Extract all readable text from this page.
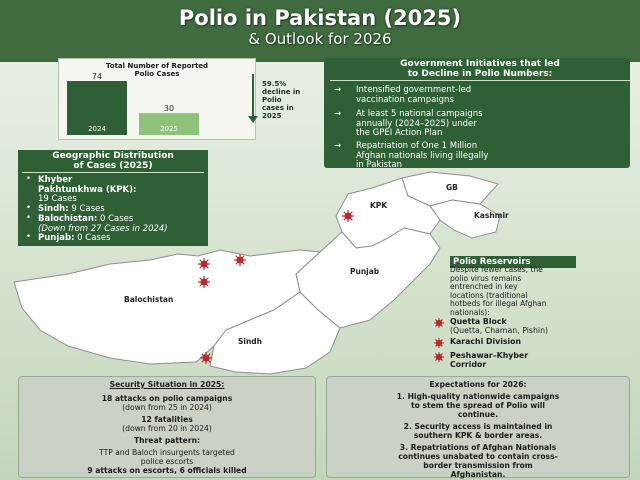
Polio in Pakistan (2025)
& Outlook for 2026
Total Number of Reported
Polio Cases
74
2024
30
2025
59.5%
decline in
Polio
cases in
2025
Government Initiatives that led
to Decline in Polio Numbers:
→ Intensified government-led
vaccination campaigns
→ At least 5 national campaigns
annually (2024–2025) under
the GPEI Action Plan
→ Repatriation of One 1 Million
Afghan nationals living illegally
in Pakistan
GB
KPK
Kashmir
Punjab
Balochistan
Sindh
Geographic Distribution
of Cases (2025)
• Khyber
Pakhtunkhwa (KPK):
19 Cases
• Sindh: 9 Cases
• Balochistan: 0 Cases
(Down from 27 Cases in 2024)
• Punjab: 0 Cases
Polio Reservoirs
Despite fewer cases, the
polio virus remains
entrenched in key
locations (traditional
hotbeds for illegal Afghan
nationals):
Quetta Block
(Quetta, Chaman, Pishin)
Karachi Division
Peshawar–Khyber
Corridor
Security Situation in 2025:
18 attacks on polio campaigns
(down from 25 in 2024)
12 fatalities
(down from 20 in 2024)
Threat pattern:
TTP and Baloch insurgents targeted
police escorts
9 attacks on escorts, 6 officials killed
Expectations for 2026:
1. High-quality nationwide campaigns
to stem the spread of Polio will
continue.
2. Security access is maintained in
southern KPK & border areas.
3. Repatriations of Afghan Nationals
continues unabated to contain cross-
border transmission from
Afghanistan.
